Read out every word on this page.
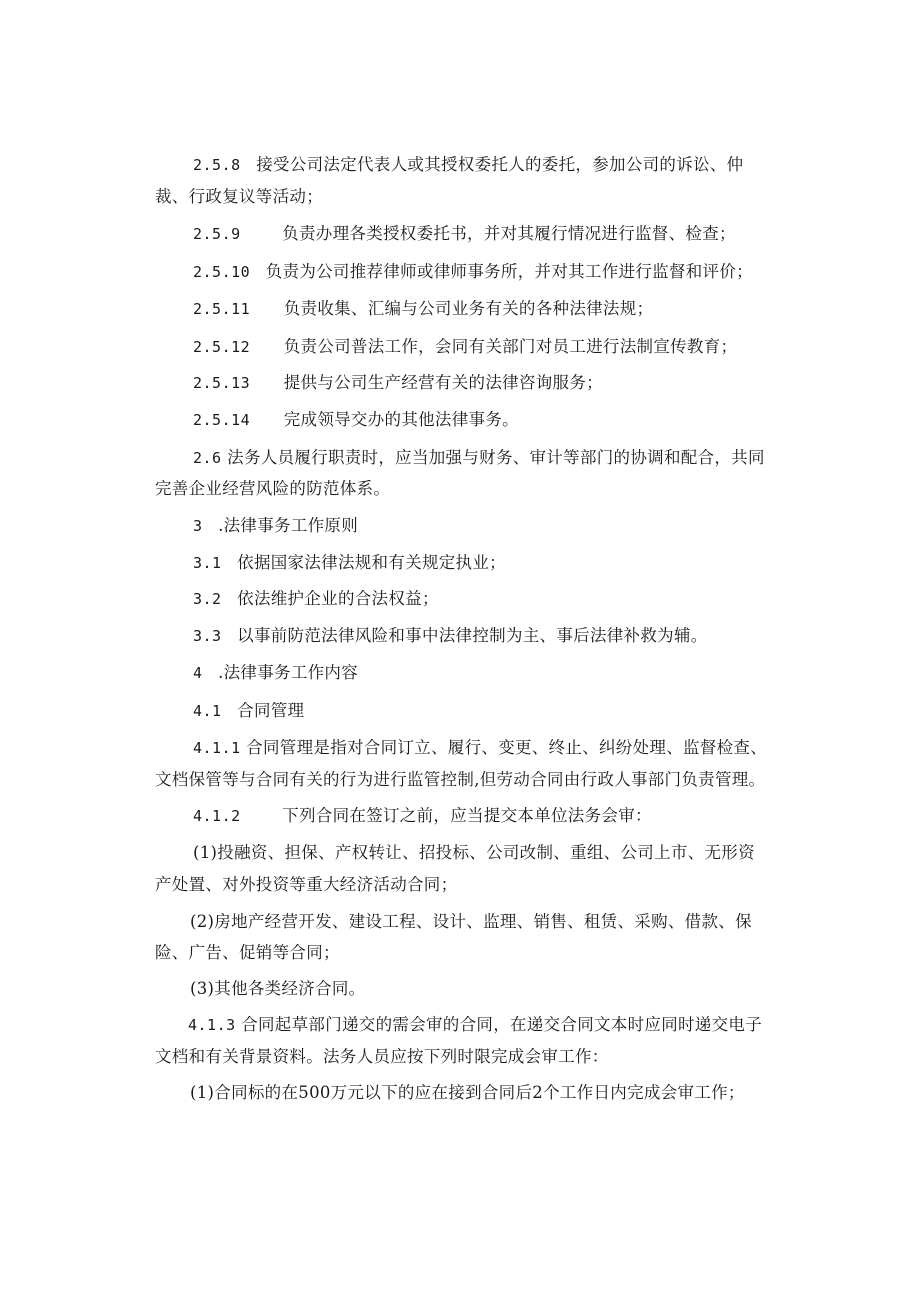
2.5.8 接受公司法定代表人或其授权委托人的委托，参加公司的诉讼、仲
裁、行政复议等活动；
2.5.9	负责办理各类授权委托书，并对其履行情况进行监督、检查；
2.5.10 负责为公司推荐律师或律师事务所，并对其工作进行监督和评价；
2.5.11 负责收集、汇编与公司业务有关的各种法律法规；
2.5.12 负责公司普法工作，会同有关部门对员工进行法制宣传教育；
2.5.13 提供与公司生产经营有关的法律咨询服务；
2.5.14 完成领导交办的其他法律事务。
2.6 法务人员履行职责时，应当加强与财务、审计等部门的协调和配合，共同
完善企业经营风险的防范体系。
3 .法律事务工作原则
3.1 依据国家法律法规和有关规定执业；
3.2 依法维护企业的合法权益；
3.3 以事前防范法律风险和事中法律控制为主、事后法律补救为辅。
4 .法律事务工作内容
4.1 合同管理
4.1.1 合同管理是指对合同订立、履行、变更、终止、纠纷处理、监督检查、
文档保管等与合同有关的行为进行监管控制,但劳动合同由行政人事部门负责管理。
4.1.2	下列合同在签订之前，应当提交本单位法务会审：
(1)投融资、担保、产权转让、招投标、公司改制、重组、公司上市、无形资
产处置、对外投资等重大经济活动合同；
(2)房地产经营开发、建设工程、设计、监理、销售、租赁、采购、借款、保
险、广告、促销等合同；
(3)其他各类经济合同。
4.1.3 合同起草部门递交的需会审的合同，在递交合同文本时应同时递交电子
文档和有关背景资料。法务人员应按下列时限完成会审工作：
(1)合同标的在500万元以下的应在接到合同后2个工作日内完成会审工作；
